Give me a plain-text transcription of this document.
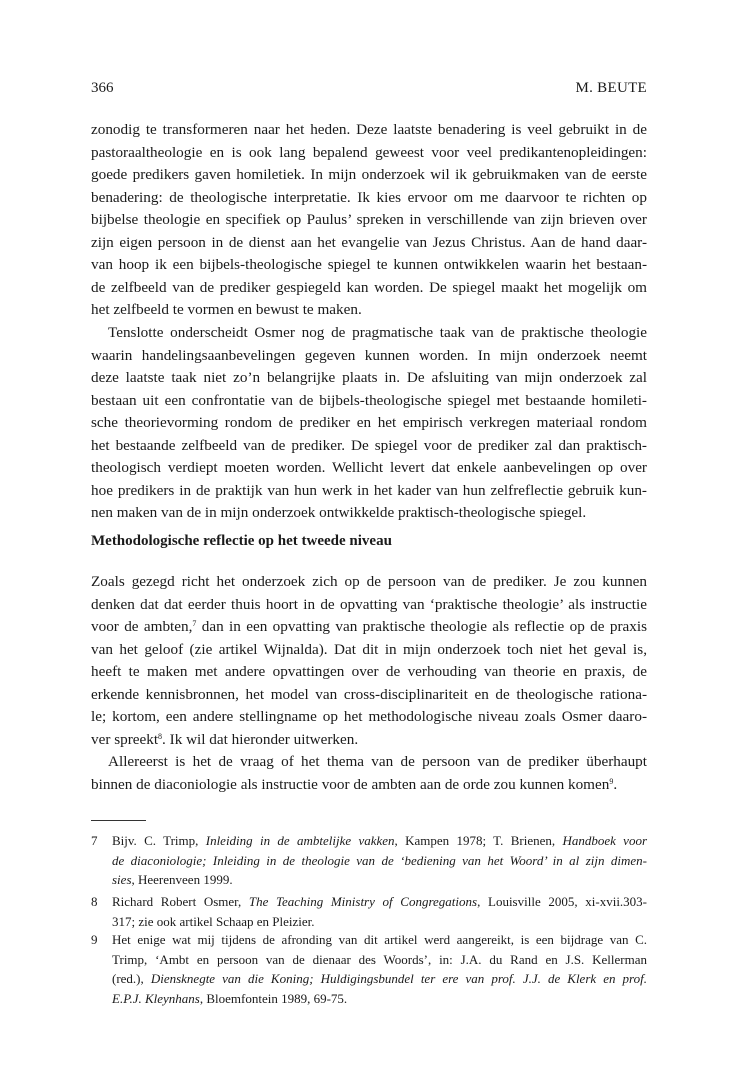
366	M. BEUTE
zonodig te transformeren naar het heden. Deze laatste benadering is veel gebruikt in de
pastoraaltheologie en is ook lang bepalend geweest voor veel predikantenopleidingen:
goede predikers gaven homiletiek. In mijn onderzoek wil ik gebruikmaken van de eerste
benadering: de theologische interpretatie. Ik kies ervoor om me daarvoor te richten op
bijbelse theologie en specifiek op Paulus’ spreken in verschillende van zijn brieven over
zijn eigen persoon in de dienst aan het evangelie van Jezus Christus. Aan de hand daar-
van hoop ik een bijbels-theologische spiegel te kunnen ontwikkelen waarin het bestaan-
de zelfbeeld van de prediker gespiegeld kan worden. De spiegel maakt het mogelijk om
het zelfbeeld te vormen en bewust te maken.
Tenslotte onderscheidt Osmer nog de pragmatische taak van de praktische theologie
waarin handelingsaanbevelingen gegeven kunnen worden. In mijn onderzoek neemt
deze laatste taak niet zo’n belangrijke plaats in. De afsluiting van mijn onderzoek zal
bestaan uit een confrontatie van de bijbels-theologische spiegel met bestaande homileti-
sche theorievorming rondom de prediker en het empirisch verkregen materiaal rondom
het bestaande zelfbeeld van de prediker. De spiegel voor de prediker zal dan praktisch-
theologisch verdiept moeten worden. Wellicht levert dat enkele aanbevelingen op over
hoe predikers in de praktijk van hun werk in het kader van hun zelfreflectie gebruik kun-
nen maken van de in mijn onderzoek ontwikkelde praktisch-theologische spiegel.
Methodologische reflectie op het tweede niveau
Zoals gezegd richt het onderzoek zich op de persoon van de prediker. Je zou kunnen
denken dat dat eerder thuis hoort in de opvatting van ‘praktische theologie’ als instructie
voor de ambten,$^7$ dan in een opvatting van praktische theologie als reflectie op de praxis
van het geloof (zie artikel Wijnalda). Dat dit in mijn onderzoek toch niet het geval is,
heeft te maken met andere opvattingen over de verhouding van theorie en praxis, de
erkende kennisbronnen, het model van cross-disciplinariteit en de theologische rationa-
le; kortom, een andere stellingname op het methodologische niveau zoals Osmer daaro-
ver spreekt$^8$. Ik wil dat hieronder uitwerken.
Allereerst is het de vraag of het thema van de persoon van de prediker überhaupt
binnen de diaconiologie als instructie voor de ambten aan de orde zou kunnen komen$^9$.
7 Bijv. C. Trimp, Inleiding in de ambtelijke vakken, Kampen 1978; T. Brienen, Handboek voor
de diaconiologie; Inleiding in de theologie van de ‘bediening van het Woord’ in al zijn dimen-
sies, Heerenveen 1999.
8 Richard Robert Osmer, The Teaching Ministry of Congregations, Louisville 2005, xi-xvii.303-
317; zie ook artikel Schaap en Pleizier.
9 Het enige wat mij tijdens de afronding van dit artikel werd aangereikt, is een bijdrage van C.
Trimp, ‘Ambt en persoon van de dienaar des Woords’, in: J.A. du Rand en J.S. Kellerman
(red.), Diensknegte van die Koning; Huldigingsbundel ter ere van prof. J.J. de Klerk en prof.
E.P.J. Kleynhans, Bloemfontein 1989, 69-75.
